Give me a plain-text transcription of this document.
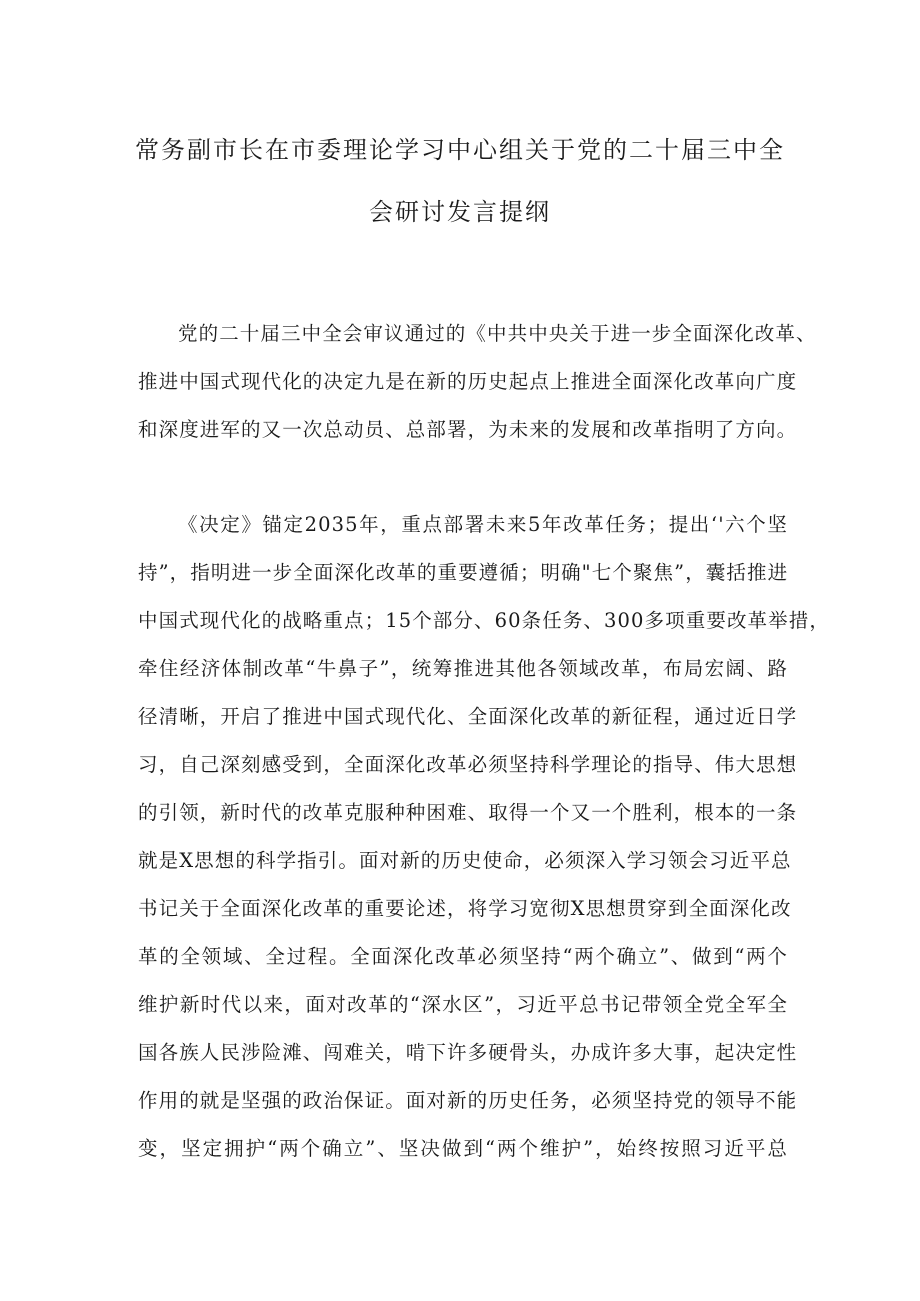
常务副市长在市委理论学习中心组关于党的二十届三中全
会研讨发言提纲
党的二十届三中全会审议通过的《中共中央关于进一步全面深化改革、
推进中国式现代化的决定九是在新的历史起点上推进全面深化改革向广度
和深度进军的又一次总动员、总部署，为未来的发展和改革指明了方向。
《决定》锚定2035年，重点部署未来5年改革任务；提出‘'六个坚
持”，指明进一步全面深化改革的重要遵循；明确"七个聚焦”，囊括推进
中国式现代化的战略重点；15个部分、60条任务、300多项重要改革举措，
牵住经济体制改革“牛鼻子”，统筹推进其他各领域改革，布局宏阔、路
径清晰，开启了推进中国式现代化、全面深化改革的新征程，通过近日学
习，自己深刻感受到，全面深化改革必须坚持科学理论的指导、伟大思想
的引领，新时代的改革克服种种困难、取得一个又一个胜利，根本的一条
就是X思想的科学指引。面对新的历史使命，必须深入学习领会习近平总
书记关于全面深化改革的重要论述，将学习宽彻X思想贯穿到全面深化改
革的全领域、全过程。全面深化改革必须坚持“两个确立”、做到“两个
维护新时代以来，面对改革的“深水区”，习近平总书记带领全党全军全
国各族人民涉险滩、闯难关，啃下许多硬骨头，办成许多大事，起决定性
作用的就是坚强的政治保证。面对新的历史任务，必须坚持党的领导不能
变，坚定拥护“两个确立”、坚决做到“两个维护”，始终按照习近平总
